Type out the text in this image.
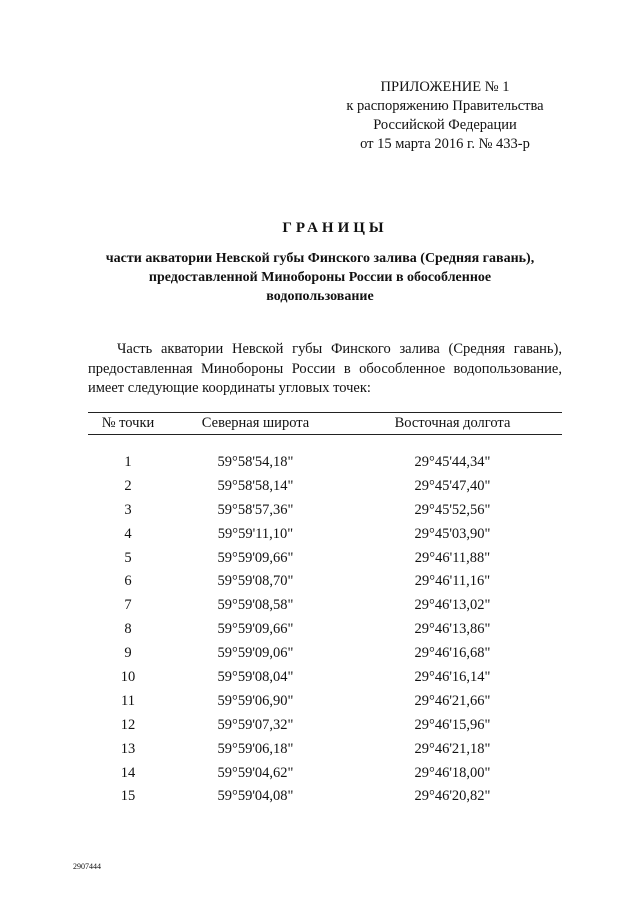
ПРИЛОЖЕНИЕ № 1
к распоряжению Правительства
Российской Федерации
от 15 марта 2016 г. № 433-р
ГРАНИЦЫ
части акватории Невской губы Финского залива (Средняя гавань),
предоставленной Минобороны России в обособленное
водопользование
Часть акватории Невской губы Финского залива (Средняя гавань),
предоставленная Минобороны России в обособленное водопользование,
имеет следующие координаты угловых точек:
№ точки	Северная широта	Восточная долгота
1	59°58'54,18"	29°45'44,34"
2	59°58'58,14"	29°45'47,40"
3	59°58'57,36"	29°45'52,56"
4	59°59'11,10"	29°45'03,90"
5	59°59'09,66"	29°46'11,88"
6	59°59'08,70"	29°46'11,16"
7	59°59'08,58"	29°46'13,02"
8	59°59'09,66"	29°46'13,86"
9	59°59'09,06"	29°46'16,68"
10	59°59'08,04"	29°46'16,14"
11	59°59'06,90"	29°46'21,66"
12	59°59'07,32"	29°46'15,96"
13	59°59'06,18"	29°46'21,18"
14	59°59'04,62"	29°46'18,00"
15	59°59'04,08"	29°46'20,82"
2907444
